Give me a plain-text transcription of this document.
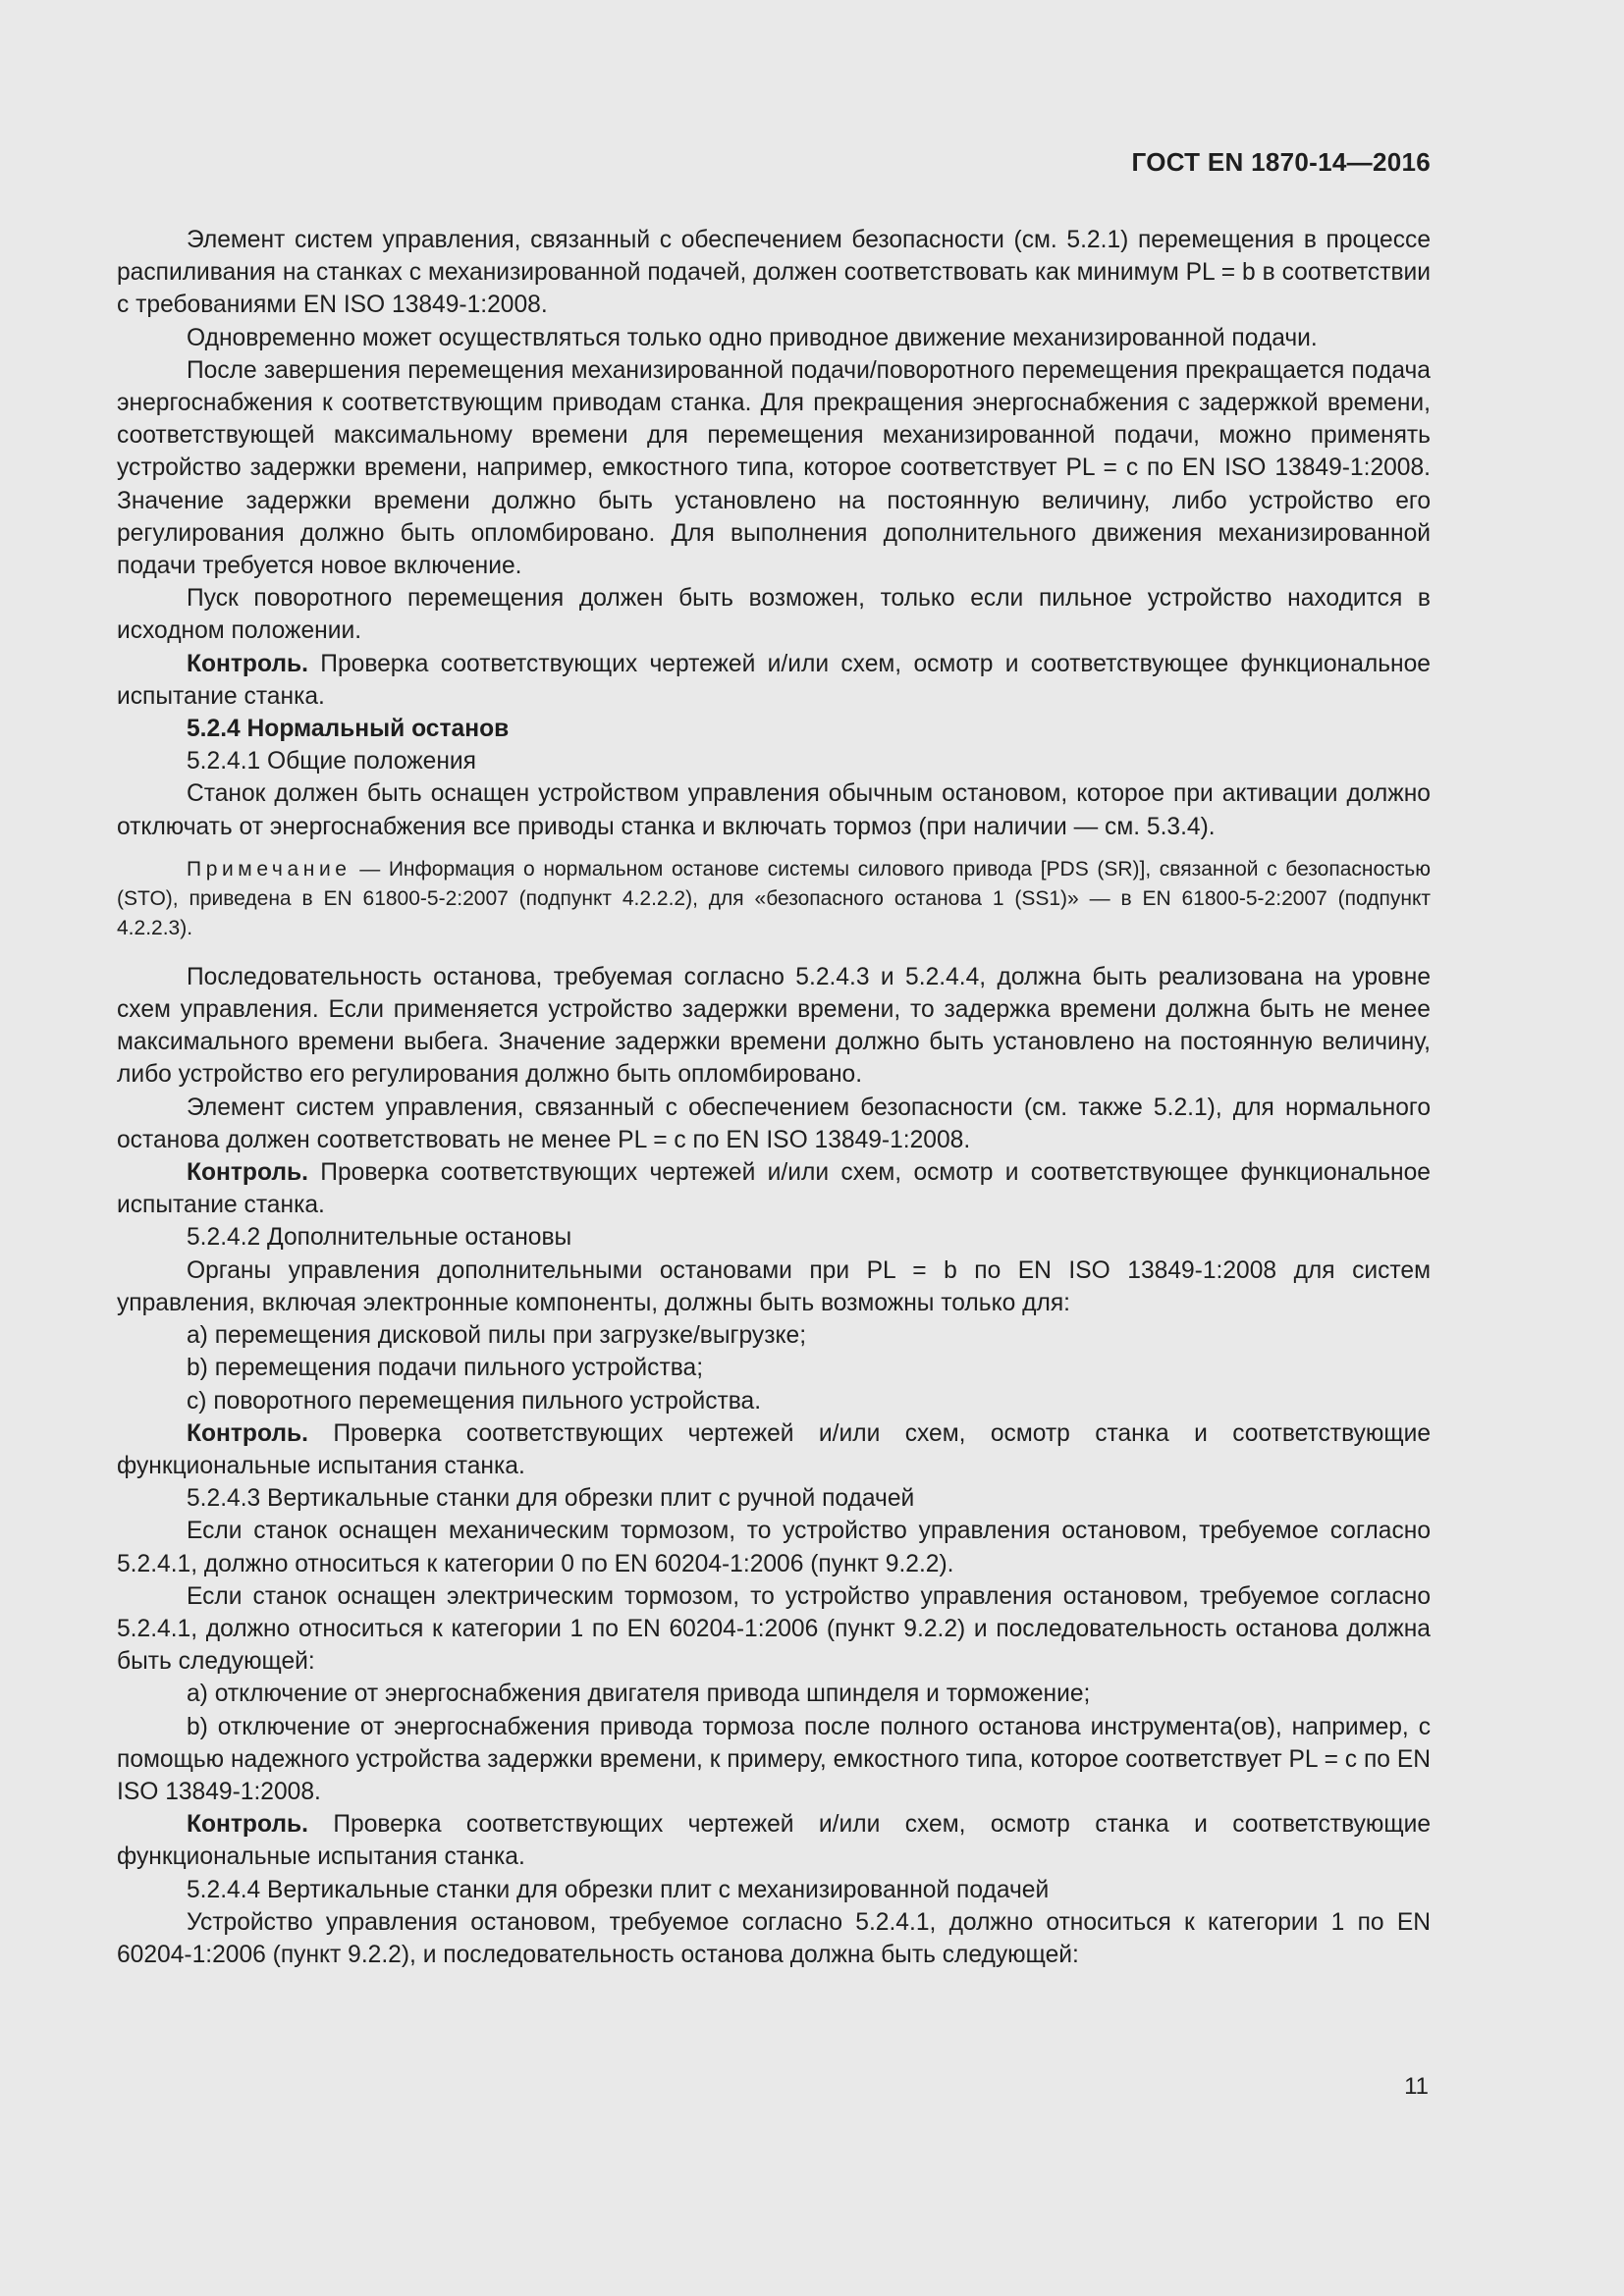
ГОСТ EN 1870-14—2016

Элемент систем управления, связанный с обеспечением безопасности (см. 5.2.1) перемещения в процессе распиливания на станках с механизированной подачей, должен соответствовать как минимум PL = b в соответствии с требованиями EN ISO 13849-1:2008.

Одновременно может осуществляться только одно приводное движение механизированной подачи.

После завершения перемещения механизированной подачи/поворотного перемещения прекращается подача энергоснабжения к соответствующим приводам станка. Для прекращения энергоснабжения с задержкой времени, соответствующей максимальному времени для перемещения механизированной подачи, можно применять устройство задержки времени, например, емкостного типа, которое соответствует PL = c по EN ISO 13849-1:2008. Значение задержки времени должно быть установлено на постоянную величину, либо устройство его регулирования должно быть опломбировано. Для выполнения дополнительного движения механизированной подачи требуется новое включение.

Пуск поворотного перемещения должен быть возможен, только если пильное устройство находится в исходном положении.

Контроль. Проверка соответствующих чертежей и/или схем, осмотр и соответствующее функциональное испытание станка.

5.2.4 Нормальный останов

5.2.4.1 Общие положения

Станок должен быть оснащен устройством управления обычным остановом, которое при активации должно отключать от энергоснабжения все приводы станка и включать тормоз (при наличии — см. 5.3.4).

Примечание — Информация о нормальном останове системы силового привода [PDS (SR)], связанной с безопасностью (STO), приведена в EN 61800-5-2:2007 (подпункт 4.2.2.2), для «безопасного останова 1 (SS1)» — в EN 61800-5-2:2007 (подпункт 4.2.2.3).

Последовательность останова, требуемая согласно 5.2.4.3 и 5.2.4.4, должна быть реализована на уровне схем управления. Если применяется устройство задержки времени, то задержка времени должна быть не менее максимального времени выбега. Значение задержки времени должно быть установлено на постоянную величину, либо устройство его регулирования должно быть опломбировано.

Элемент систем управления, связанный с обеспечением безопасности (см. также 5.2.1), для нормального останова должен соответствовать не менее PL = c по EN ISO 13849-1:2008.

Контроль. Проверка соответствующих чертежей и/или схем, осмотр и соответствующее функциональное испытание станка.

5.2.4.2 Дополнительные остановы

Органы управления дополнительными остановами при PL = b по EN ISO 13849-1:2008 для систем управления, включая электронные компоненты, должны быть возможны только для:

a) перемещения дисковой пилы при загрузке/выгрузке;

b) перемещения подачи пильного устройства;

c) поворотного перемещения пильного устройства.

Контроль. Проверка соответствующих чертежей и/или схем, осмотр станка и соответствующие функциональные испытания станка.

5.2.4.3 Вертикальные станки для обрезки плит с ручной подачей

Если станок оснащен механическим тормозом, то устройство управления остановом, требуемое согласно 5.2.4.1, должно относиться к категории 0 по EN 60204-1:2006 (пункт 9.2.2).

Если станок оснащен электрическим тормозом, то устройство управления остановом, требуемое согласно 5.2.4.1, должно относиться к категории 1 по EN 60204-1:2006 (пункт 9.2.2) и последовательность останова должна быть следующей:

a) отключение от энергоснабжения двигателя привода шпинделя и торможение;

b) отключение от энергоснабжения привода тормоза после полного останова инструмента(ов), например, с помощью надежного устройства задержки времени, к примеру, емкостного типа, которое соответствует PL = c по EN ISO 13849-1:2008.

Контроль. Проверка соответствующих чертежей и/или схем, осмотр станка и соответствующие функциональные испытания станка.

5.2.4.4 Вертикальные станки для обрезки плит с механизированной подачей

Устройство управления остановом, требуемое согласно 5.2.4.1, должно относиться к категории 1 по EN 60204-1:2006 (пункт 9.2.2), и последовательность останова должна быть следующей:

11
